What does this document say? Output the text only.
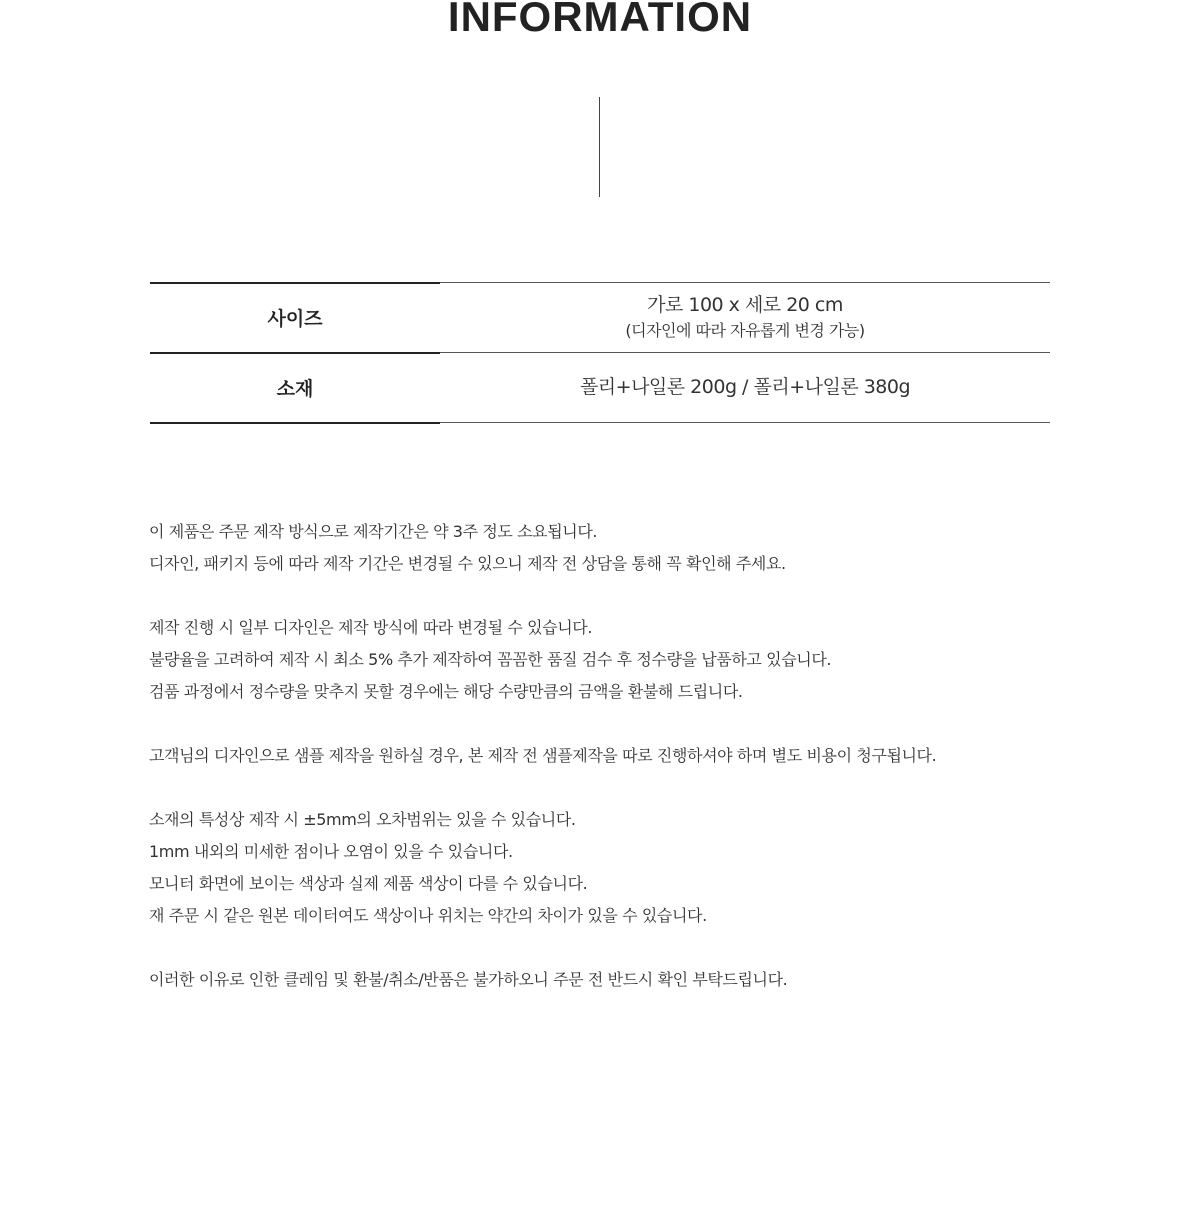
INFORMATION
사이즈
가로 100 x 세로 20 cm
(디자인에 따라 자유롭게 변경 가능)
소재	폴리+나일론 200g / 폴리+나일론 380g
이 제품은 주문 제작 방식으로 제작기간은 약 3주 정도 소요됩니다.
디자인, 패키지 등에 따라 제작 기간은 변경될 수 있으니 제작 전 상담을 통해 꼭 확인해 주세요.
제작 진행 시 일부 디자인은 제작 방식에 따라 변경될 수 있습니다.
불량율을 고려하여 제작 시 최소 5% 추가 제작하여 꼼꼼한 품질 검수 후 정수량을 납품하고 있습니다.
검품 과정에서 정수량을 맞추지 못할 경우에는 해당 수량만큼의 금액을 환불해 드립니다.
고객님의 디자인으로 샘플 제작을 원하실 경우, 본 제작 전 샘플제작을 따로 진행하셔야 하며 별도 비용이 청구됩니다.
소재의 특성상 제작 시 ±5mm의 오차범위는 있을 수 있습니다.
1mm 내외의 미세한 점이나 오염이 있을 수 있습니다.
모니터 화면에 보이는 색상과 실제 제품 색상이 다를 수 있습니다.
재 주문 시 같은 원본 데이터여도 색상이나 위치는 약간의 차이가 있을 수 있습니다.
이러한 이유로 인한 클레임 및 환불/취소/반품은 불가하오니 주문 전 반드시 확인 부탁드립니다.
